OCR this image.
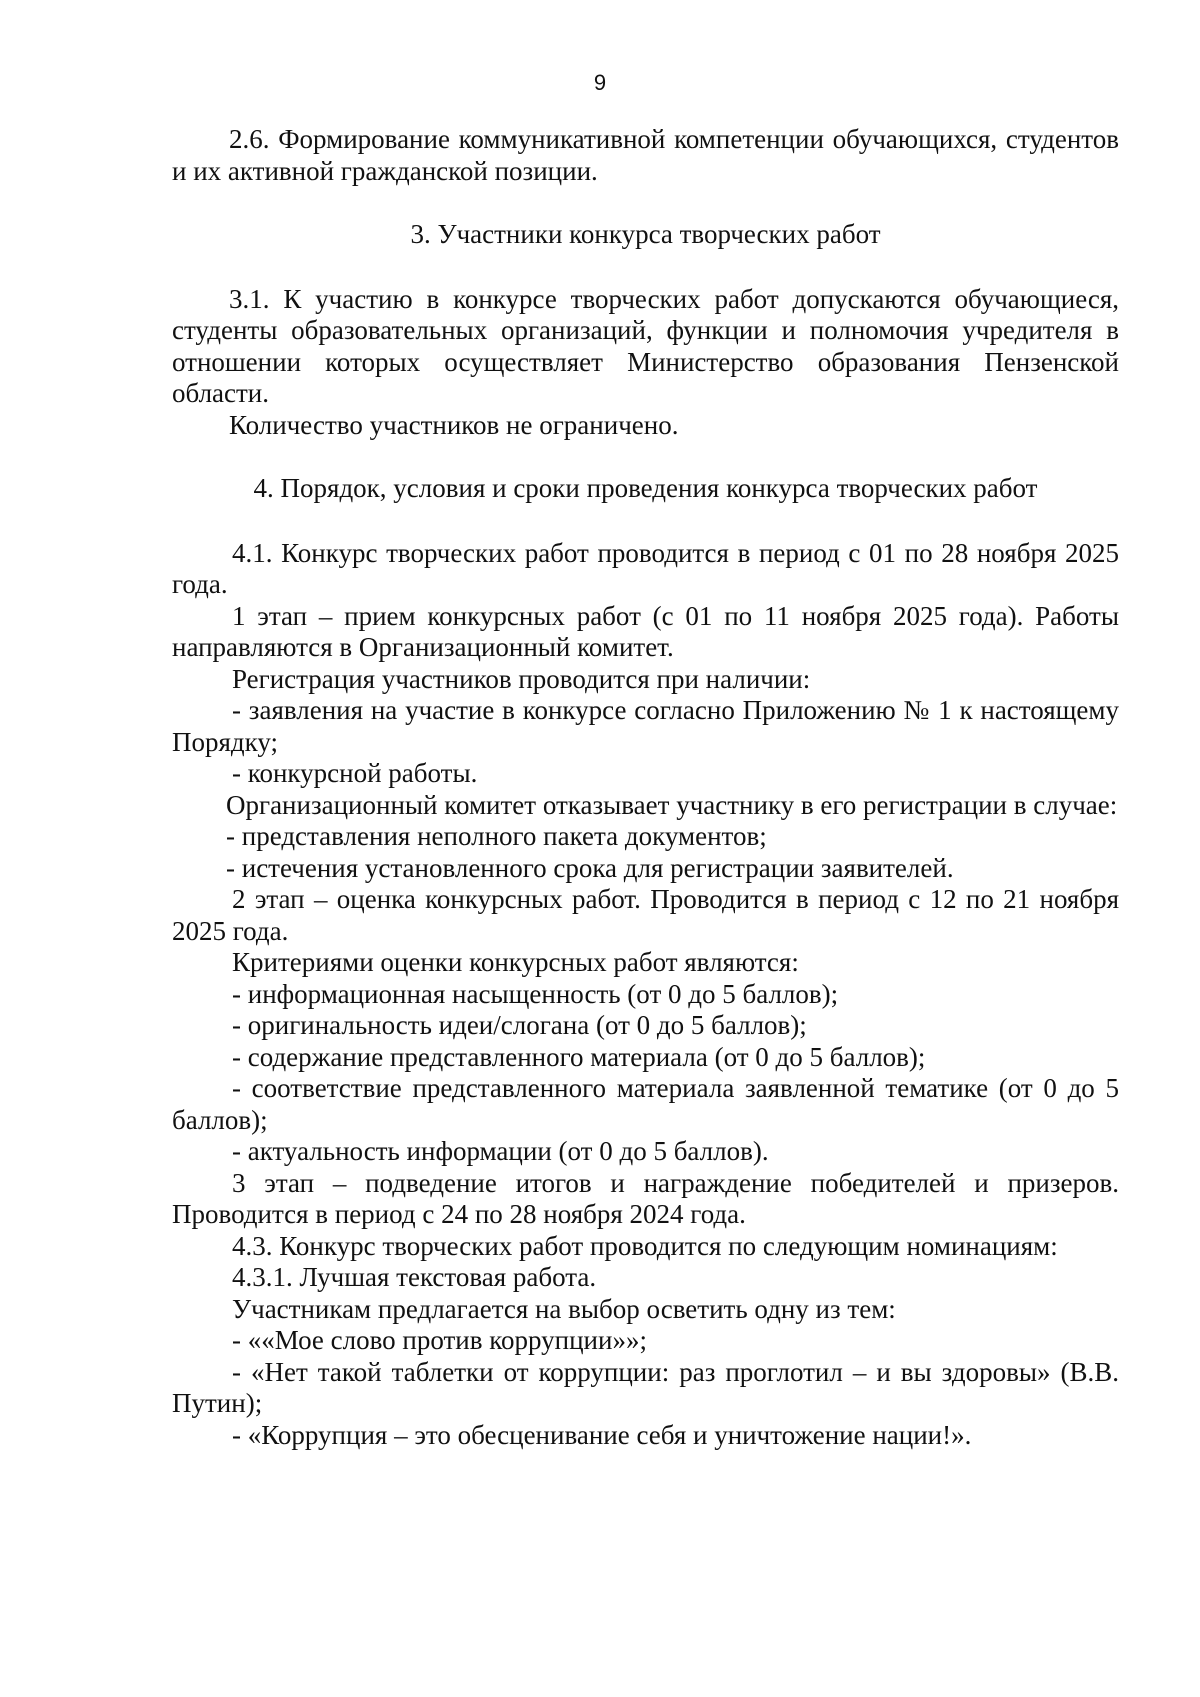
9

2.6. Формирование коммуникативной компетенции обучающихся, студентов и их активной гражданской позиции.

3. Участники конкурса творческих работ

3.1. К участию в конкурсе творческих работ допускаются обучающиеся, студенты образовательных организаций, функции и полномочия учредителя в отношении которых осуществляет Министерство образования Пензенской области.

Количество участников не ограничено.

4. Порядок, условия и сроки проведения конкурса творческих работ

4.1. Конкурс творческих работ проводится в период с 01 по 28 ноября 2025 года.

1 этап – прием конкурсных работ (с 01 по 11 ноября 2025 года). Работы направляются в Организационный комитет.

Регистрация участников проводится при наличии:

- заявления на участие в конкурсе согласно Приложению № 1 к настоящему Порядку;

- конкурсной работы.

Организационный комитет отказывает участнику в его регистрации в случае:

- представления неполного пакета документов;

- истечения установленного срока для регистрации заявителей.

2 этап – оценка конкурсных работ. Проводится в период с 12 по 21 ноября 2025 года.

Критериями оценки конкурсных работ являются:

- информационная насыщенность (от 0 до 5 баллов);

- оригинальность идеи/слогана (от 0 до 5 баллов);

- содержание представленного материала (от 0 до 5 баллов);

- соответствие представленного материала заявленной тематике (от 0 до 5 баллов);

- актуальность информации (от 0 до 5 баллов).

3 этап – подведение итогов и награждение победителей и призеров. Проводится в период с 24 по 28 ноября 2024 года.

4.3. Конкурс творческих работ проводится по следующим номинациям:

4.3.1. Лучшая текстовая работа.

Участникам предлагается на выбор осветить одну из тем:

- ««Мое слово против коррупции»»;

- «Нет такой таблетки от коррупции: раз проглотил – и вы здоровы» (В.В. Путин);

- «Коррупция – это обесценивание себя и уничтожение нации!».
